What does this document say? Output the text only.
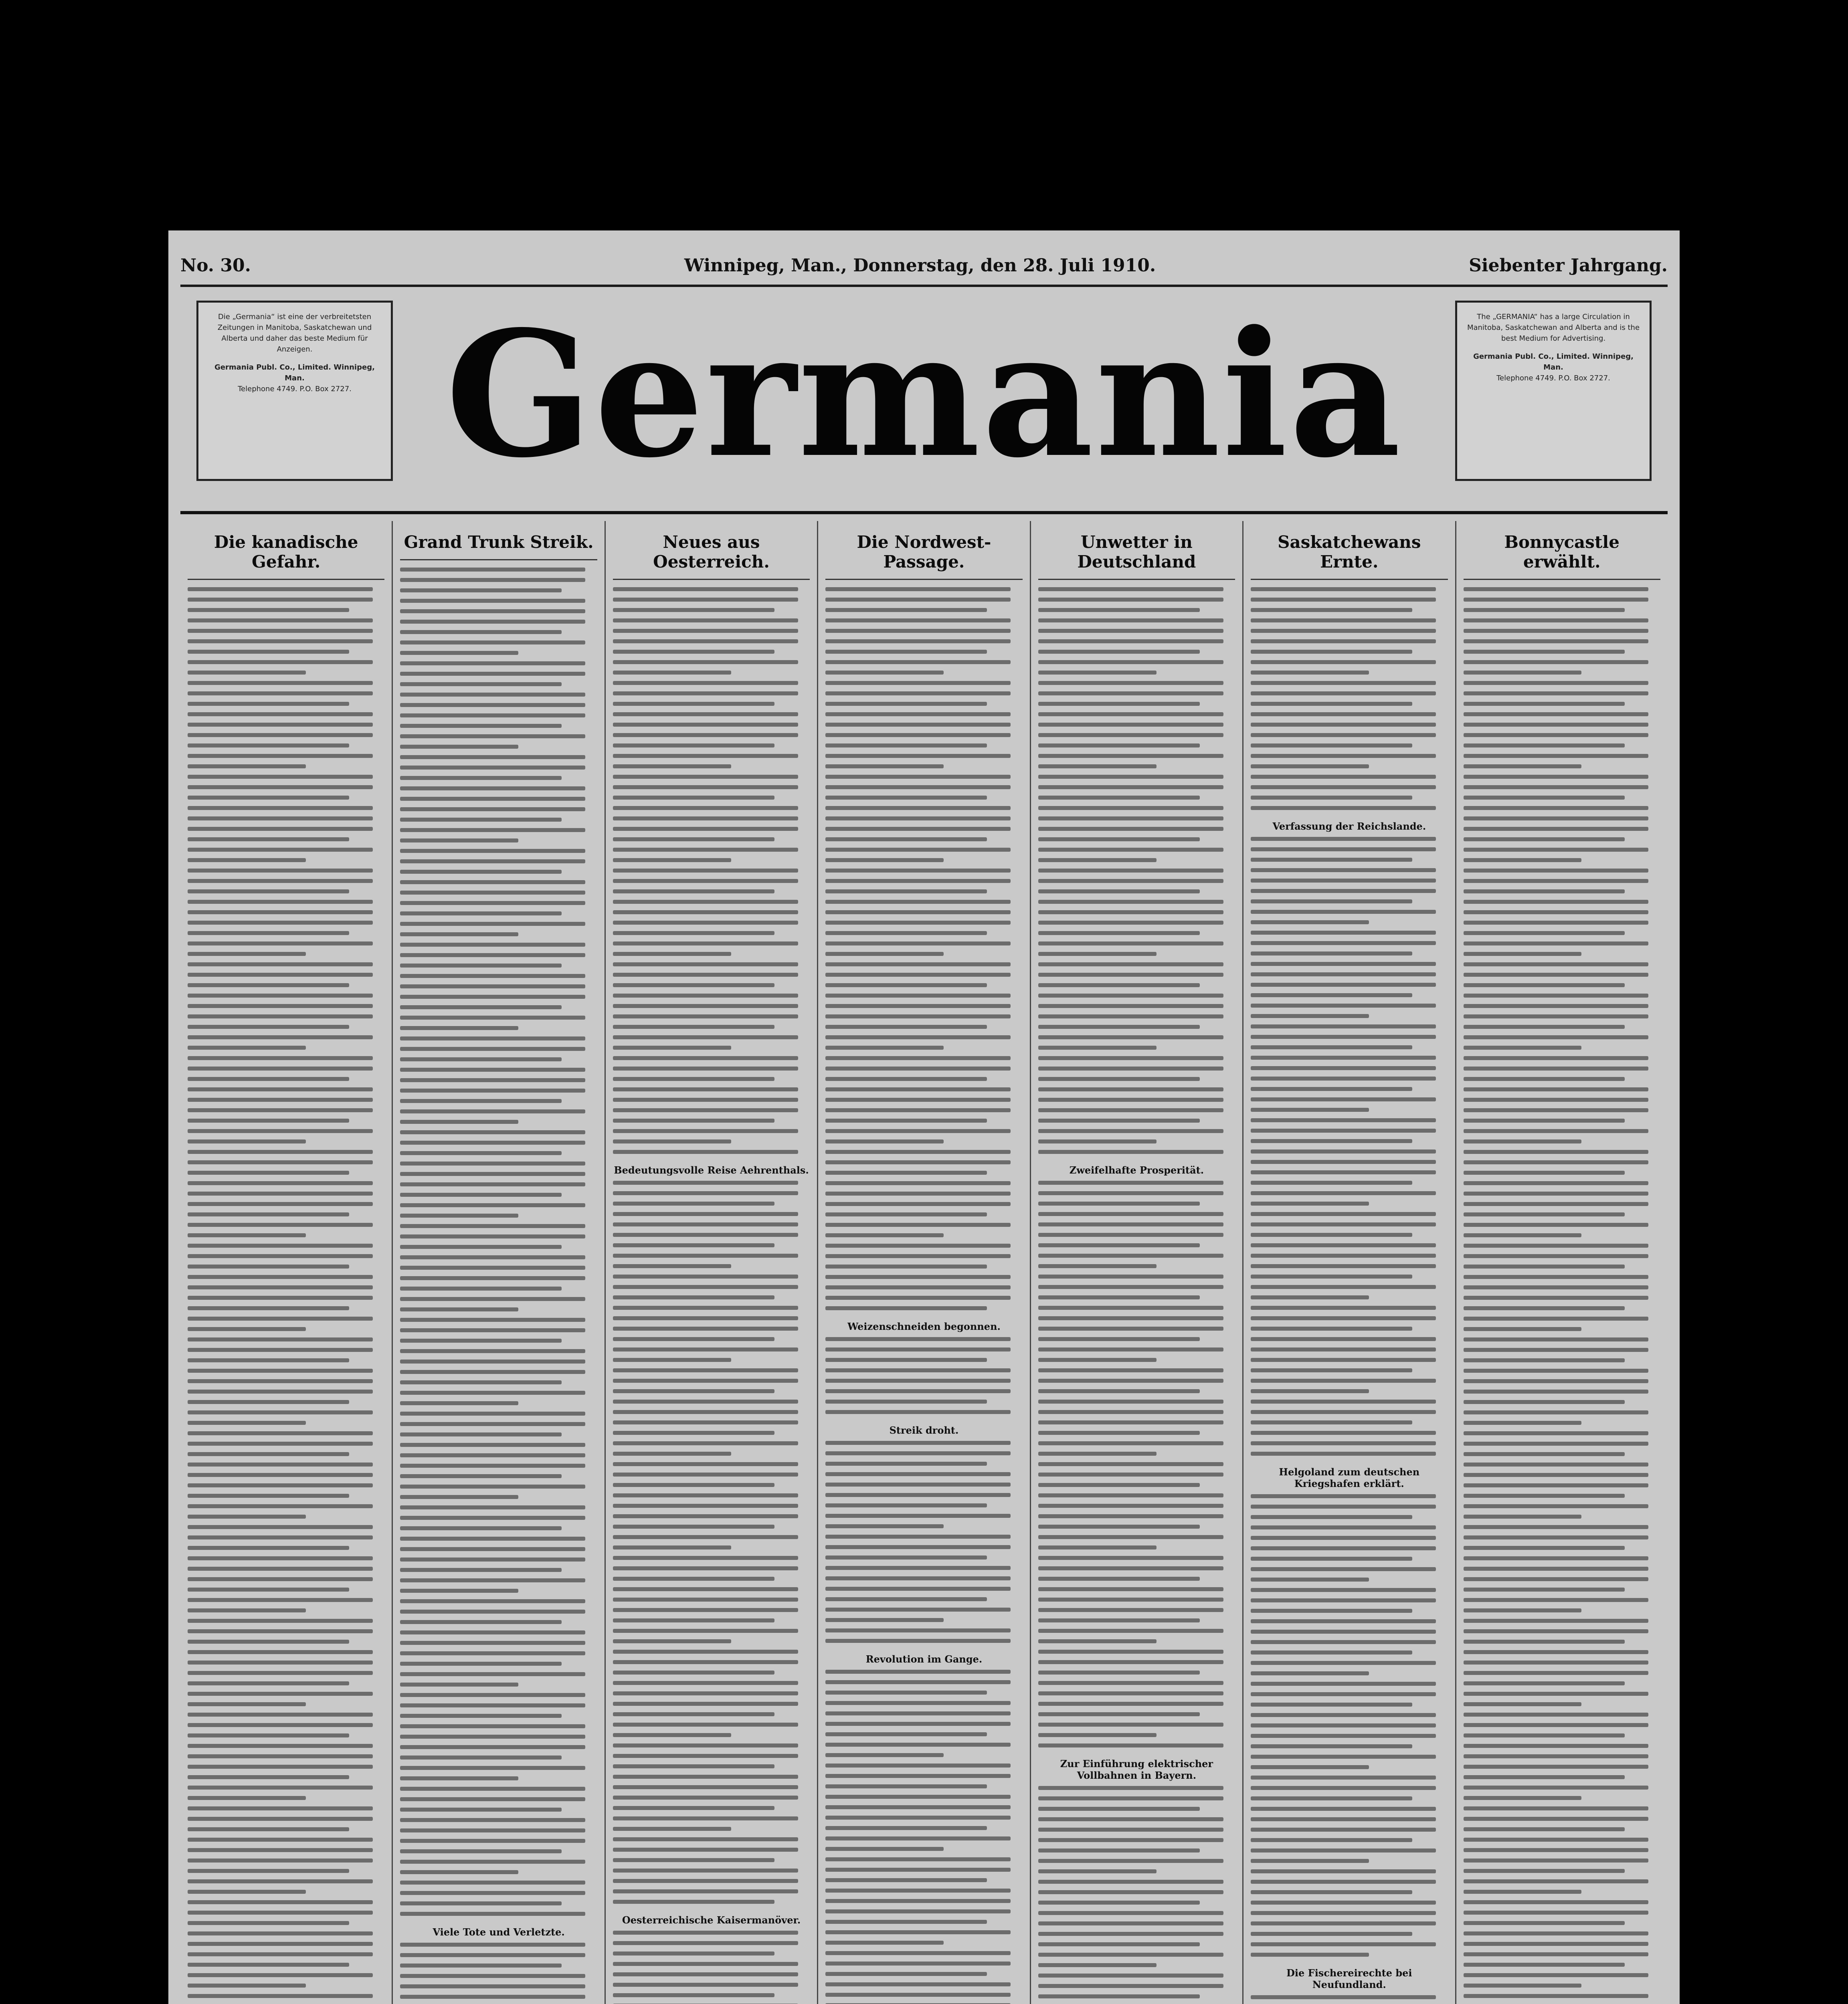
No. 30.	Winnipeg, Man., Donnerstag, den 28. Juli 1910.	Siebenter Jahrgang.

Die „Germania“ ist eine der verbreitetsten Zeitungen in Manitoba, Saskatchewan und Alberta und daher das beste Medium für Anzeigen.

Germania Publ. Co., Limited. Winnipeg, Man.

Telephone 4749. P.O. Box 2727. Germania	The „GERMANIA“ has a large Circulation in Manitoba, Saskatchewan and Alberta and is the best Medium for Advertising.

Germania Publ. Co., Limited. Winnipeg, Man.

Telephone 4749. P.O. Box 2727.

Die kanadische Gefahr.
Grand Trunk Streik.
Viele Tote und Verletzte.
Neues aus Oesterreich.
Bedeutungsvolle Reise Aehrenthals.
Oesterreichische Kaisermanöver.
Die Nordwest-Passage.
Weizenschneiden begonnen.
Streik droht.
Revolution im Gange.
Unwetter in Deutschland
Zweifelhafte Prosperität.
Zur Einführung elektrischer Vollbahnen in Bayern.
Saskatchewans Ernte.
Verfassung der Reichslande.
Helgoland zum deutschen Kriegshafen erklärt.
Die Fischereirechte bei Neufundland.
Bonnycastle erwählt.
